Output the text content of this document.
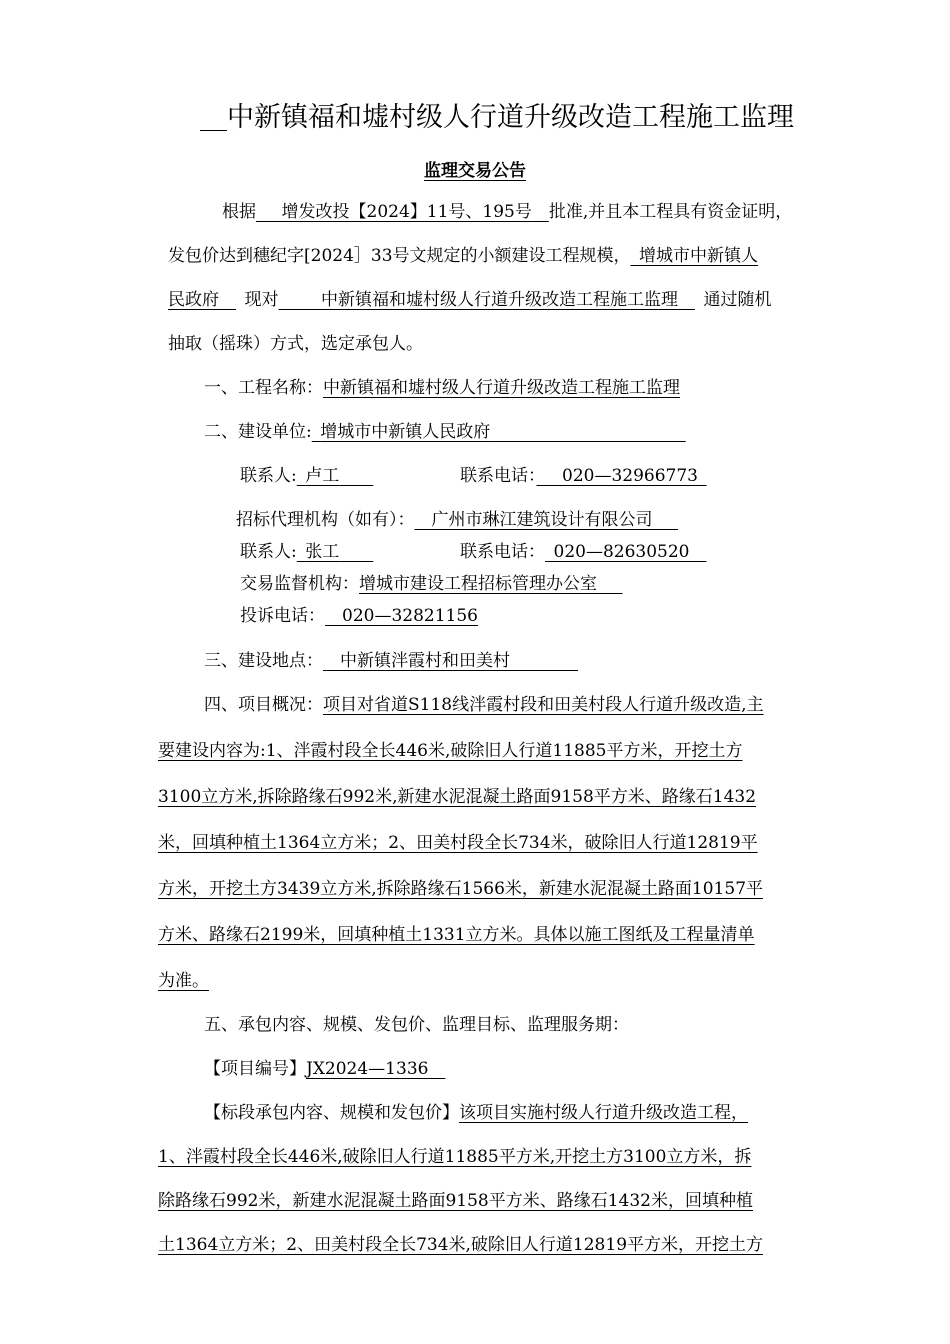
　中新镇福和墟村级人行道升级改造工程施工监理
监理交易公告
根据　  增发改投【2024】11号、195号　 批准,并且本工程具有资金证明，
发包价达到穗纪字[2024］33号文规定的小额建设工程规模，  增城市中新镇人
民政府　  现对　　 	中新镇福和墟村级人行道升级改造工程施工监理　  通过随机
抽取（摇珠）方式，选定承包人。
一、工程名称：中新镇福和墟村级人行道升级改造工程施工监理
二、建设单位:  增城市中新镇人民政府　　　　　　　　　　　 
联系人:  卢工　　	联系电话：　  020—32966773 
招标代理机构（如有）：   广州市琳江建筑设计有限公司　 
联系人:  张工　　	联系电话：  020—82630520　
交易监督机构：增城市建设工程招标管理办公室　 
投诉电话：   020—32821156
三、建设地点：   中新镇泮霞村和田美村　　　　
四、项目概况：项目对省道S118线泮霞村段和田美村段人行道升级改造,主
要建设内容为:1、泮霞村段全长446米,破除旧人行道11885平方米，开挖土方
3100立方米,拆除路缘石992米,新建水泥混凝土路面9158平方米、路缘石1432
米，回填种植土1364立方米；2、田美村段全长734米，破除旧人行道12819平
方米，开挖土方3439立方米,拆除路缘石1566米，新建水泥混凝土路面10157平
方米、路缘石2199米，回填种植土1331立方米。具体以施工图纸及工程量清单
为准。
五、承包内容、规模、发包价、监理目标、监理服务期：
【项目编号】JX2024—1336　
【标段承包内容、规模和发包价】该项目实施村级人行道升级改造工程，
1、泮霞村段全长446米,破除旧人行道11885平方米,开挖土方3100立方米，拆
除路缘石992米，新建水泥混凝土路面9158平方米、路缘石1432米，回填种植
土1364立方米；2、田美村段全长734米,破除旧人行道12819平方米，开挖土方
